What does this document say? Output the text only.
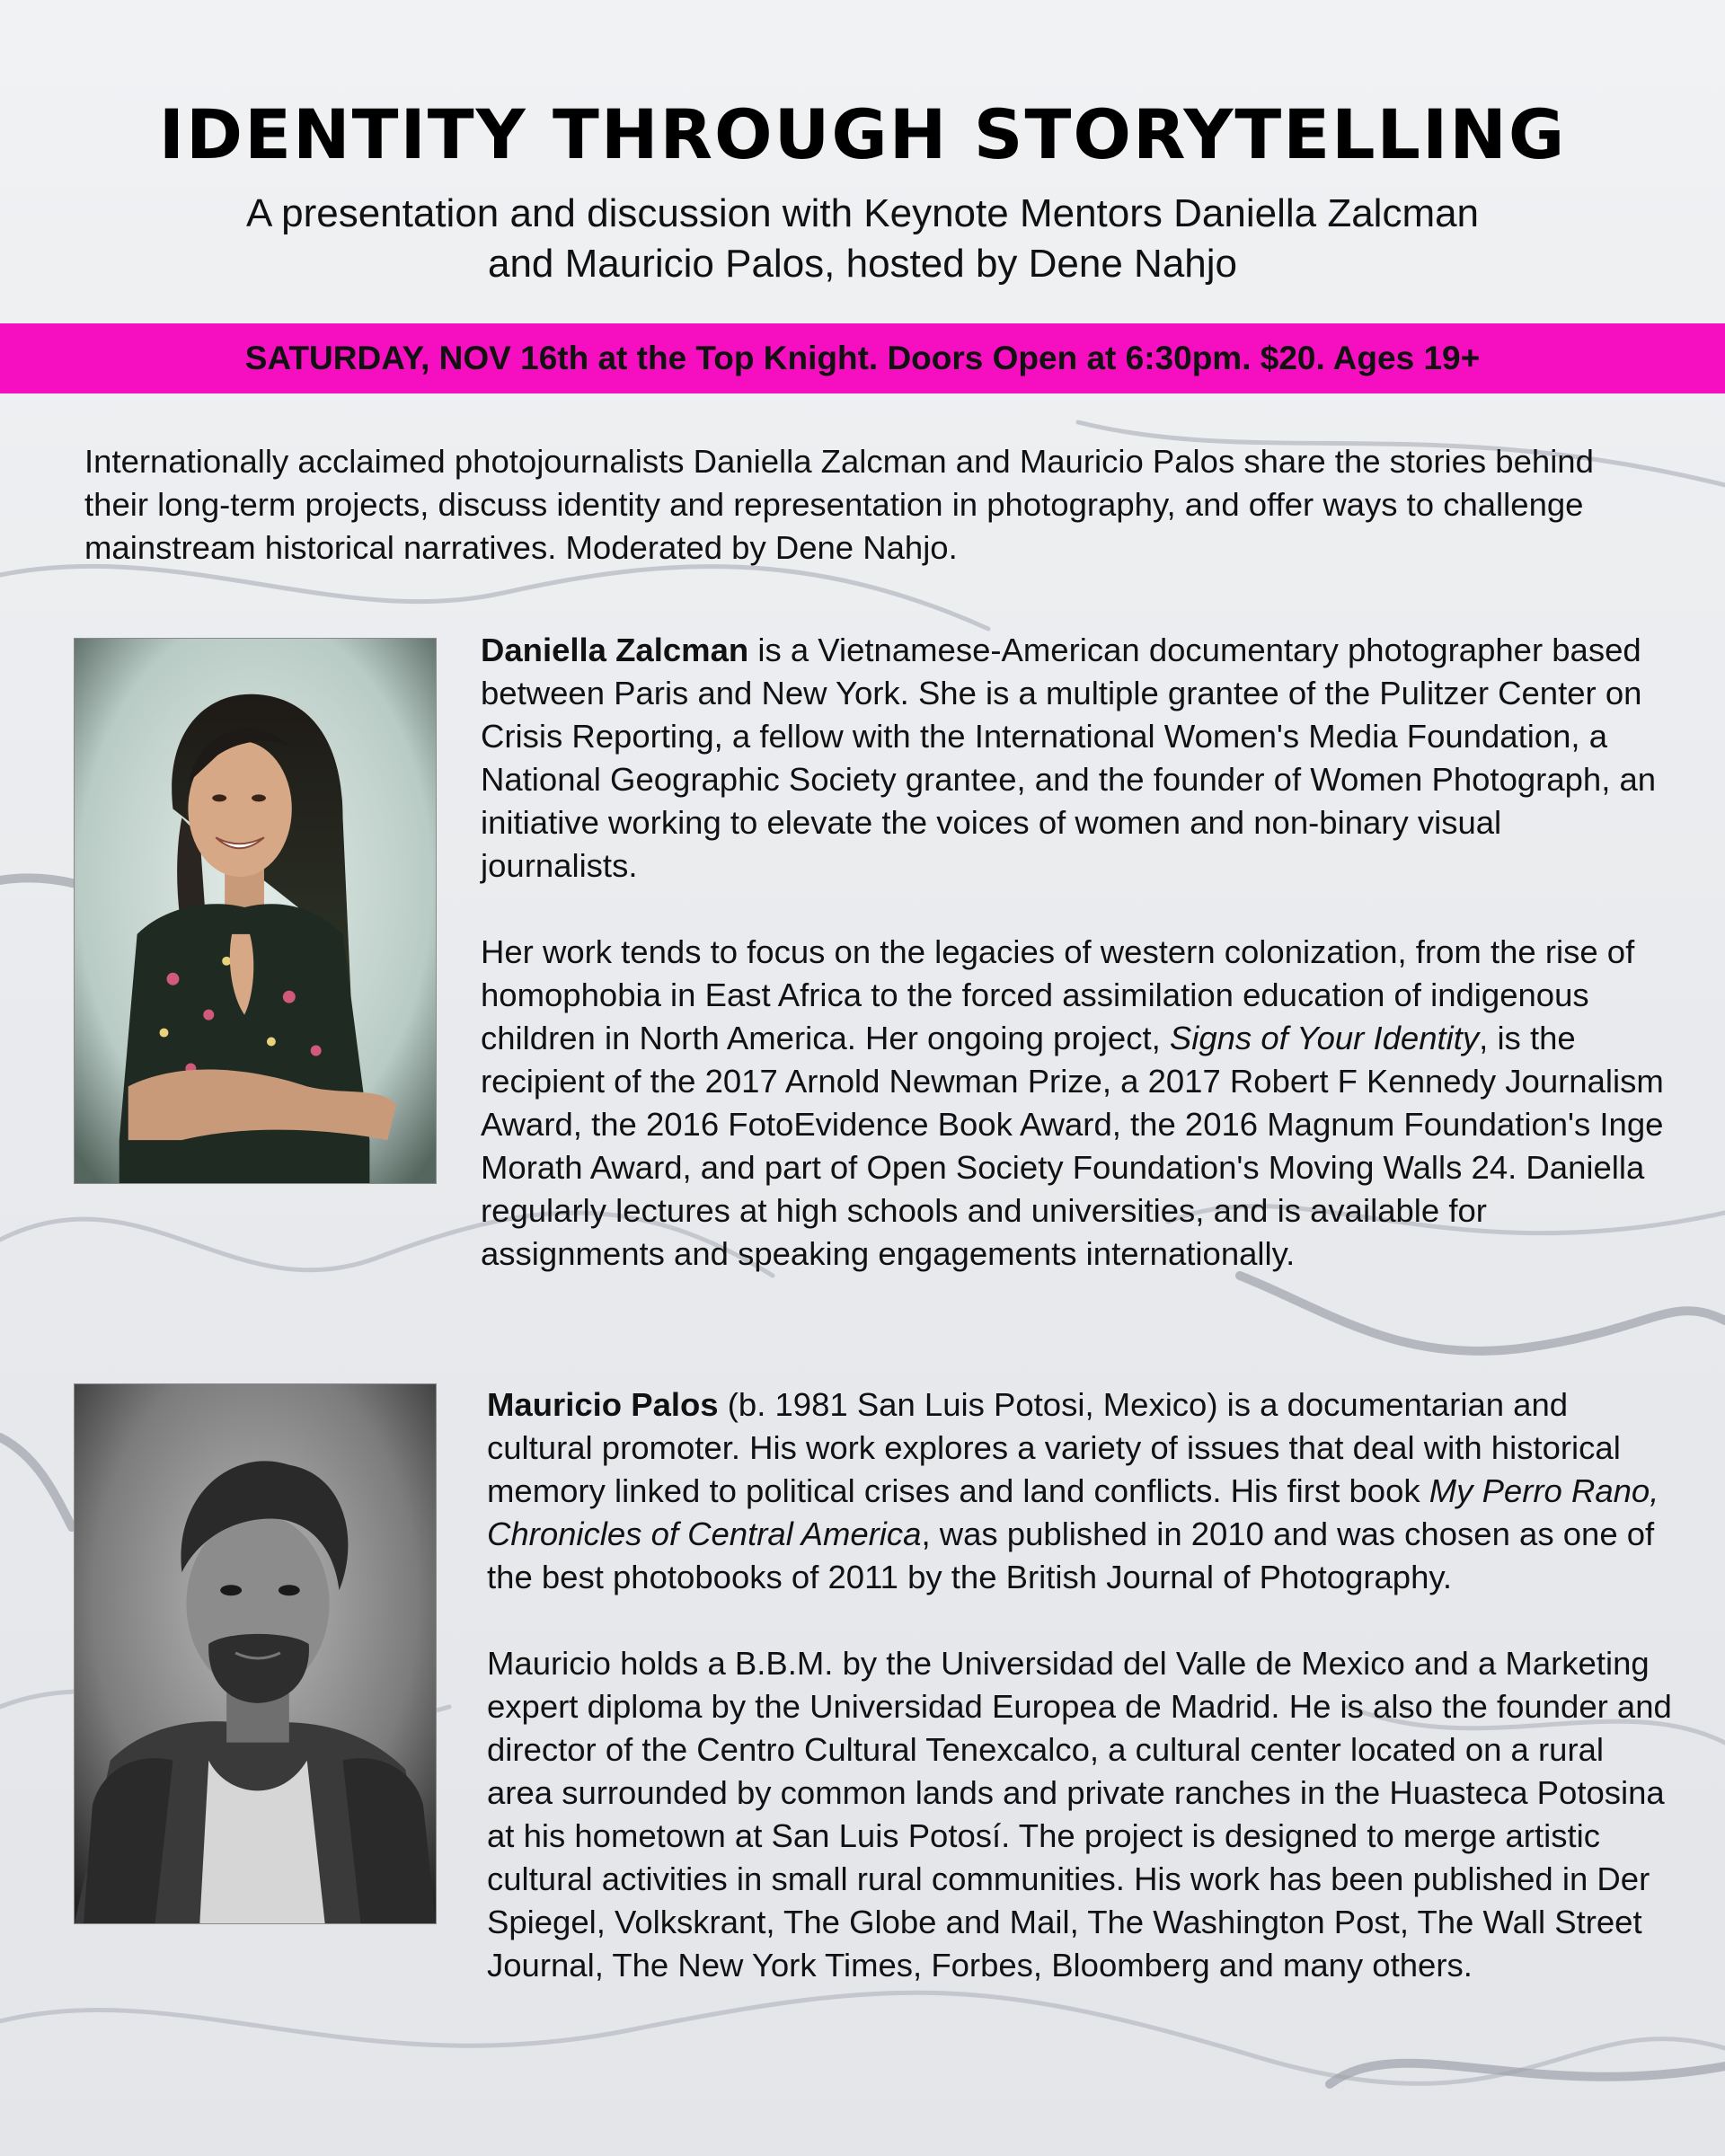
IDENTITY THROUGH STORYTELLING
A presentation and discussion with Keynote Mentors Daniella Zalcman
and Mauricio Palos, hosted by Dene Nahjo
SATURDAY, NOV 16th at the Top Knight. Doors Open at 6:30pm. $20. Ages 19+

Internationally acclaimed photojournalists Daniella Zalcman and Mauricio Palos share the stories behind their long-term projects, discuss identity and representation in photography, and offer ways to challenge mainstream historical narratives. Moderated by Dene Nahjo.

Daniella Zalcman is a Vietnamese-American documentary photographer based between Paris and New York. She is a multiple grantee of the Pulitzer Center on Crisis Reporting, a fellow with the International Women's Media Foundation, a National Geographic Society grantee, and the founder of Women Photograph, an initiative working to elevate the voices of women and non-binary visual journalists.

Her work tends to focus on the legacies of western colonization, from the rise of homophobia in East Africa to the forced assimilation education of indigenous children in North America. Her ongoing project, Signs of Your Identity, is the recipient of the 2017 Arnold Newman Prize, a 2017 Robert F Kennedy Journalism Award, the 2016 FotoEvidence Book Award, the 2016 Magnum Foundation's Inge Morath Award, and part of Open Society Foundation's Moving Walls 24. Daniella regularly lectures at high schools and universities, and is available for assignments and speaking engagements internationally.

Mauricio Palos (b. 1981 San Luis Potosi, Mexico) is a documentarian and cultural promoter. His work explores a variety of issues that deal with historical memory linked to political crises and land conflicts. His first book My Perro Rano, Chronicles of Central America, was published in 2010 and was chosen as one of the best photobooks of 2011 by the British Journal of Photography.

Mauricio holds a B.B.M. by the Universidad del Valle de Mexico and a Marketing expert diploma by the Universidad Europea de Madrid. He is also the founder and director of the Centro Cultural Tenexcalco, a cultural center located on a rural area surrounded by common lands and private ranches in the Huasteca Potosina at his hometown at San Luis Potosí. The project is designed to merge artistic cultural activities in small rural communities. His work has been published in Der Spiegel, Volkskrant, The Globe and Mail, The Washington Post, The Wall Street Journal, The New York Times, Forbes, Bloomberg and many others.
